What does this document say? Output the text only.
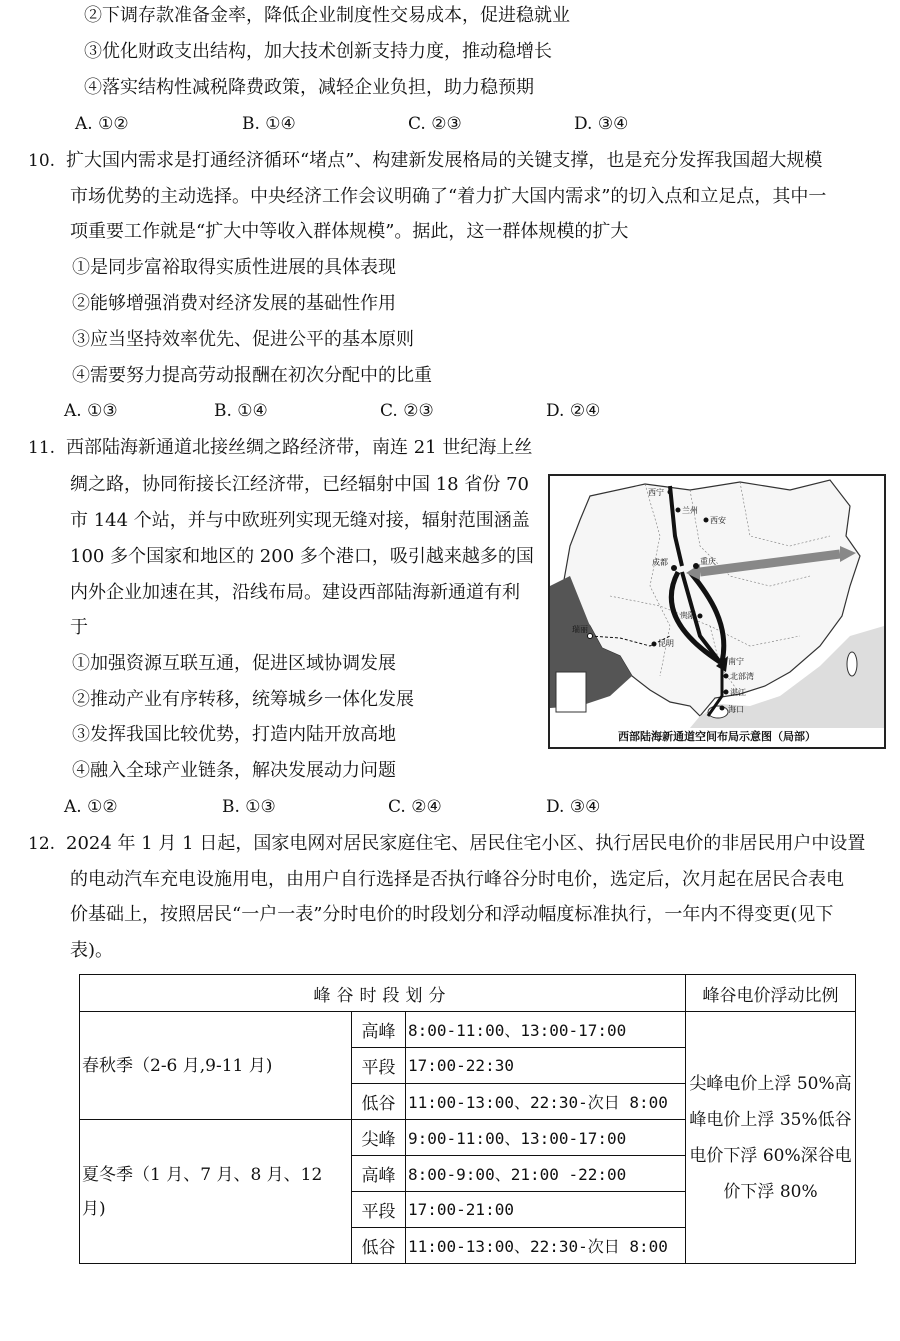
②下调存款准备金率，降低企业制度性交易成本，促进稳就业
③优化财政支出结构，加大技术创新支持力度，推动稳增长
④落实结构性减税降费政策，减轻企业负担，助力稳预期
A. ①②	B. ①④	C. ②③	D. ③④
10. 扩大国内需求是打通经济循环“堵点”、构建新发展格局的关键支撑，也是充分发挥我国超大规模
市场优势的主动选择。中央经济工作会议明确了“着力扩大国内需求”的切入点和立足点，其中一
项重要工作就是“扩大中等收入群体规模”。据此，这一群体规模的扩大
①是同步富裕取得实质性进展的具体表现
②能够增强消费对经济发展的基础性作用
③应当坚持效率优先、促进公平的基本原则
④需要努力提高劳动报酬在初次分配中的比重
A. ①③	B. ①④	C. ②③	D. ②④
11. 西部陆海新通道北接丝绸之路经济带，南连 21 世纪海上丝
绸之路，协同衔接长江经济带，已经辐射中国 18 省份 70
市 144 个站，并与中欧班列实现无缝对接，辐射范围涵盖
100 多个国家和地区的 200 多个港口，吸引越来越多的国
内外企业加速在其，沿线布局。建设西部陆海新通道有利
于
①加强资源互联互通，促进区域协调发展
②推动产业有序转移，统筹城乡一体化发展
③发挥我国比较优势，打造内陆开放高地
④融入全球产业链条，解决发展动力问题
A. ①②	B. ①③	C. ②④	D. ③④
西宁
兰州
西安
成都	重庆
贵阳
昆明
瑞丽
南宁
北部湾
湛江
海口
西部陆海新通道空间布局示意图（局部）
12. 2024 年 1 月 1 日起，国家电网对居民家庭住宅、居民住宅小区、执行居民电价的非居民用户中设置
的电动汽车充电设施用电，由用户自行选择是否执行峰谷分时电价，选定后，次月起在居民合表电
价基础上，按照居民“一户一表”分时电价的时段划分和浮动幅度标准执行，一年内不得变更(见下
表)。
峰谷时段划分			峰谷电价浮动比例
春秋季（2-6 月,9-11 月)	高峰	8:00-11:00、13:00-17:00	尖峰电价上浮 50%高峰电价上浮 35%低谷电价下浮 60%深谷电价下浮 80%
	平段	17:00-22:30	
	低谷	11:00-13:00、22:30-次日 8:00	
夏冬季（1 月、7 月、8 月、12 月)	尖峰	9:00-11:00、13:00-17:00	
	高峰	8:00-9:00、21:00 -22:00	
	平段	17:00-21:00	
	低谷	11:00-13:00、22:30-次日 8:00	
